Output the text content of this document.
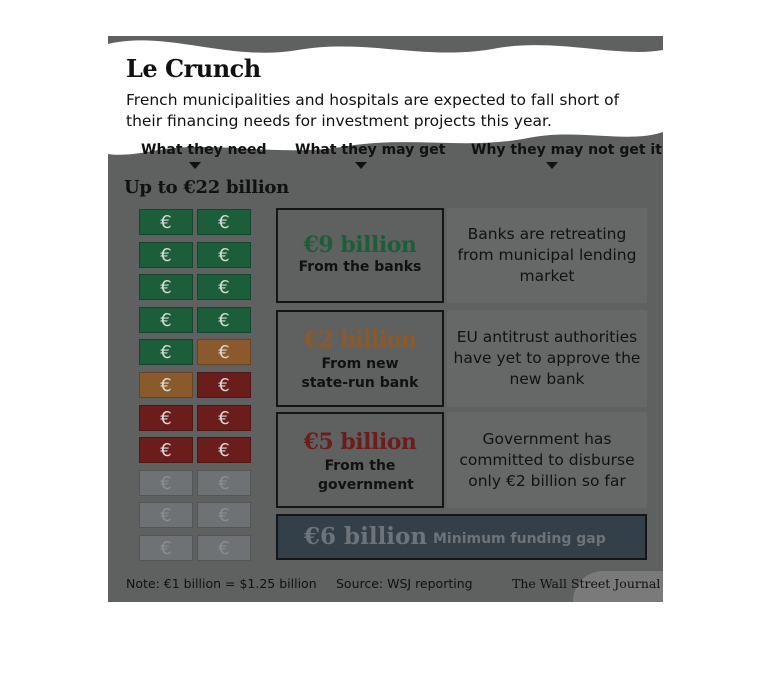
Le Crunch

French municipalities and hospitals are expected to fall short of their financing needs for investment projects this year.

What they need What they may get Why they may not get it
Up to €22 billion
€	€
€	€
€	€
€	€
€	€
€	€
€	€
€	€
€	€
€	€
€	€
€9 billion
From the banks
Banks are retreating from municipal lending market
€2 billion
From new state-run bank
EU antitrust authorities have yet to approve the new bank
€5 billion
From the government
Government has committed to disburse only €2 billion so far
€6 billion Minimum funding gap
Note: €1 billion = $1.25 billion Source: WSJ reporting	The Wall Street Journal
